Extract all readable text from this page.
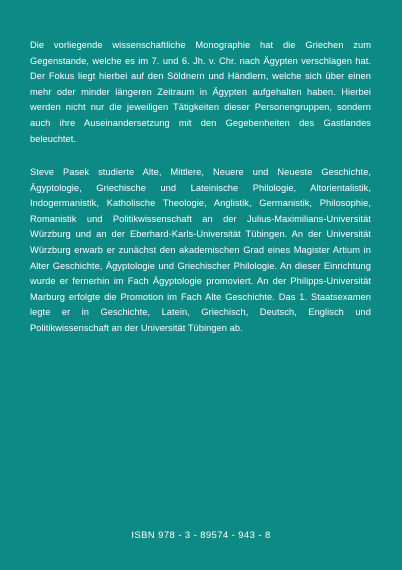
Die vorliegende wissenschaftliche Monographie hat die Griechen zum Gegenstande, welche es im 7. und 6. Jh. v. Chr. nach Ägypten verschlagen hat. Der Fokus liegt hierbei auf den Söldnern und Händlern, welche sich über einen mehr oder minder längeren Zeitraum in Ägypten aufgehalten haben. Hierbei werden nicht nur die jeweiligen Tätigkeiten dieser Personengruppen, sondern auch ihre Auseinandersetzung mit den Gegebenheiten des Gastlandes beleuchtet.

Steve Pasek studierte Alte, Mittlere, Neuere und Neueste Geschichte, Ägyptologie, Griechische und Lateinische Philologie, Altorientalistik, Indogermanistik, Katholische Theologie, Anglistik, Germanistik, Philosophie, Romanistik und Politikwissenschaft an der Julius-Maximilians-Universität Würzburg und an der Eberhard-Karls-Universität Tübingen. An der Universität Würzburg erwarb er zunächst den akademischen Grad eines Magister Artium in Alter Geschichte, Ägyptologie und Griechischer Philologie. An dieser Einrichtung wurde er fernerhin im Fach Ägyptologie promoviert. An der Philipps-Universität Marburg erfolgte die Promotion im Fach Alte Geschichte. Das 1. Staatsexamen legte er in Geschichte, Latein, Griechisch, Deutsch, Englisch und Politikwissenschaft an der Universität Tübingen ab.

ISBN 978 - 3 - 89574 - 943 - 8
